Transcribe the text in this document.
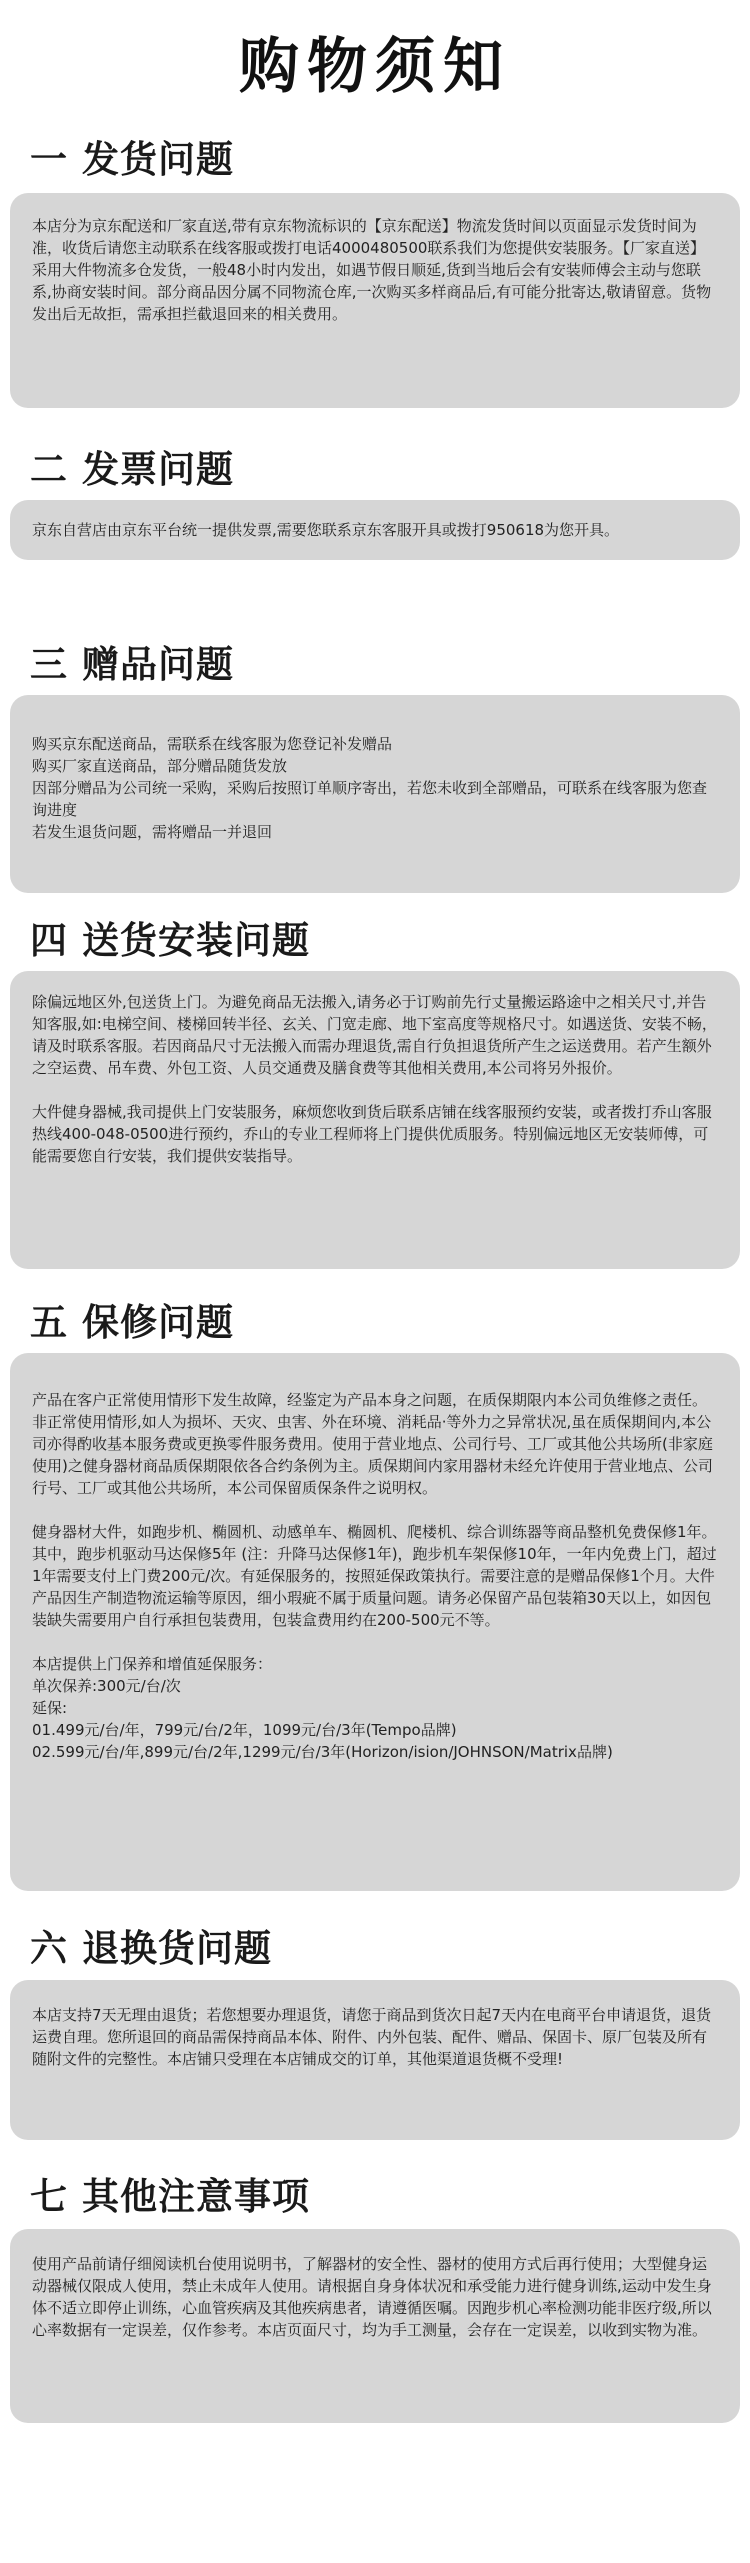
购物须知
一 发货问题

本店分为京东配送和厂家直送,带有京东物流标识的【京东配送】物流发货时间以页面显示发货时间为准，收货后请您主动联系在线客服或拨打电话4000480500联系我们为您提供安装服务。【厂家直送】采用大件物流多仓发货，一般48小时内发出，如遇节假日顺延,货到当地后会有安装师傅会主动与您联系,协商安装时间。部分商品因分属不同物流仓库,一次购买多样商品后,有可能分批寄达,敬请留意。货物发出后无故拒，需承担拦截退回来的相关费用。

二 发票问题

京东自营店由京东平台统一提供发票,需要您联系京东客服开具或拨打950618为您开具。

三 赠品问题

购买京东配送商品，需联系在线客服为您登记补发赠品

购买厂家直送商品，部分赠品随货发放

因部分赠品为公司统一采购，采购后按照订单顺序寄出，若您未收到全部赠品，可联系在线客服为您查询进度

若发生退货问题，需将赠品一并退回

四 送货安装问题

除偏远地区外,包送货上门。为避免商品无法搬入,请务必于订购前先行丈量搬运路途中之相关尺寸,并告知客服,如:电梯空间、楼梯回转半径、玄关、门宽走廊、地下室高度等规格尺寸。如遇送货、安装不畅，请及时联系客服。若因商品尺寸无法搬入而需办理退货,需自行负担退货所产生之运送费用。若产生额外之空运费、吊车费、外包工资、人员交通费及膳食费等其他相关费用,本公司将另外报价。

大件健身器械,我司提供上门安装服务，麻烦您收到货后联系店铺在线客服预约安装，或者拨打乔山客服热线400-048-0500进行预约，乔山的专业工程师将上门提供优质服务。特别偏远地区无安装师傅，可能需要您自行安装，我们提供安装指导。

五 保修问题

产品在客户正常使用情形下发生故障，经鉴定为产品本身之问题，在质保期限内本公司负维修之责任。非正常使用情形,如人为损坏、天灾、虫害、外在环境、消耗品·等外力之异常状况,虽在质保期间内,本公司亦得酌收基本服务费或更换零件服务费用。使用于营业地点、公司行号、工厂或其他公共场所(非家庭使用)之健身器材商品质保期限依各合约条例为主。质保期间内家用器材未经允许使用于营业地点、公司行号、工厂或其他公共场所，本公司保留质保条件之说明权。

健身器材大件，如跑步机、椭圆机、动感单车、椭圆机、爬楼机、综合训练器等商品整机免费保修1年。其中，跑步机驱动马达保修5年 (注：升降马达保修1年)，跑步机车架保修10年，一年内免费上门，超过1年需要支付上门费200元/次。有延保服务的，按照延保政策执行。需要注意的是赠品保修1个月。大件产品因生产制造物流运输等原因，细小瑕疵不属于质量问题。请务必保留产品包装箱30天以上，如因包装缺失需要用户自行承担包装费用，包装盒费用约在200-500元不等。

本店提供上门保养和增值延保服务：

单次保养:300元/台/次

延保:

01.499元/台/年，799元/台/2年，1099元/台/3年(Tempo品牌)

02.599元/台/年,899元/台/2年,1299元/台/3年(Horizon/ision/JOHNSON/Matrix品牌)

六 退换货问题

本店支持7天无理由退货；若您想要办理退货，请您于商品到货次日起7天内在电商平台申请退货，退货运费自理。您所退回的商品需保持商品本体、附件、内外包装、配件、赠品、保固卡、原厂包装及所有随附文件的完整性。本店铺只受理在本店铺成交的订单，其他渠道退货概不受理!

七 其他注意事项

使用产品前请仔细阅读机台使用说明书，了解器材的安全性、器材的使用方式后再行使用；大型健身运动器械仅限成人使用，禁止未成年人使用。请根据自身身体状况和承受能力进行健身训练,运动中发生身体不适立即停止训练，心血管疾病及其他疾病患者，请遵循医嘱。因跑步机心率检测功能非医疗级,所以心率数据有一定误差，仅作参考。本店页面尺寸，均为手工测量，会存在一定误差，以收到实物为准。
